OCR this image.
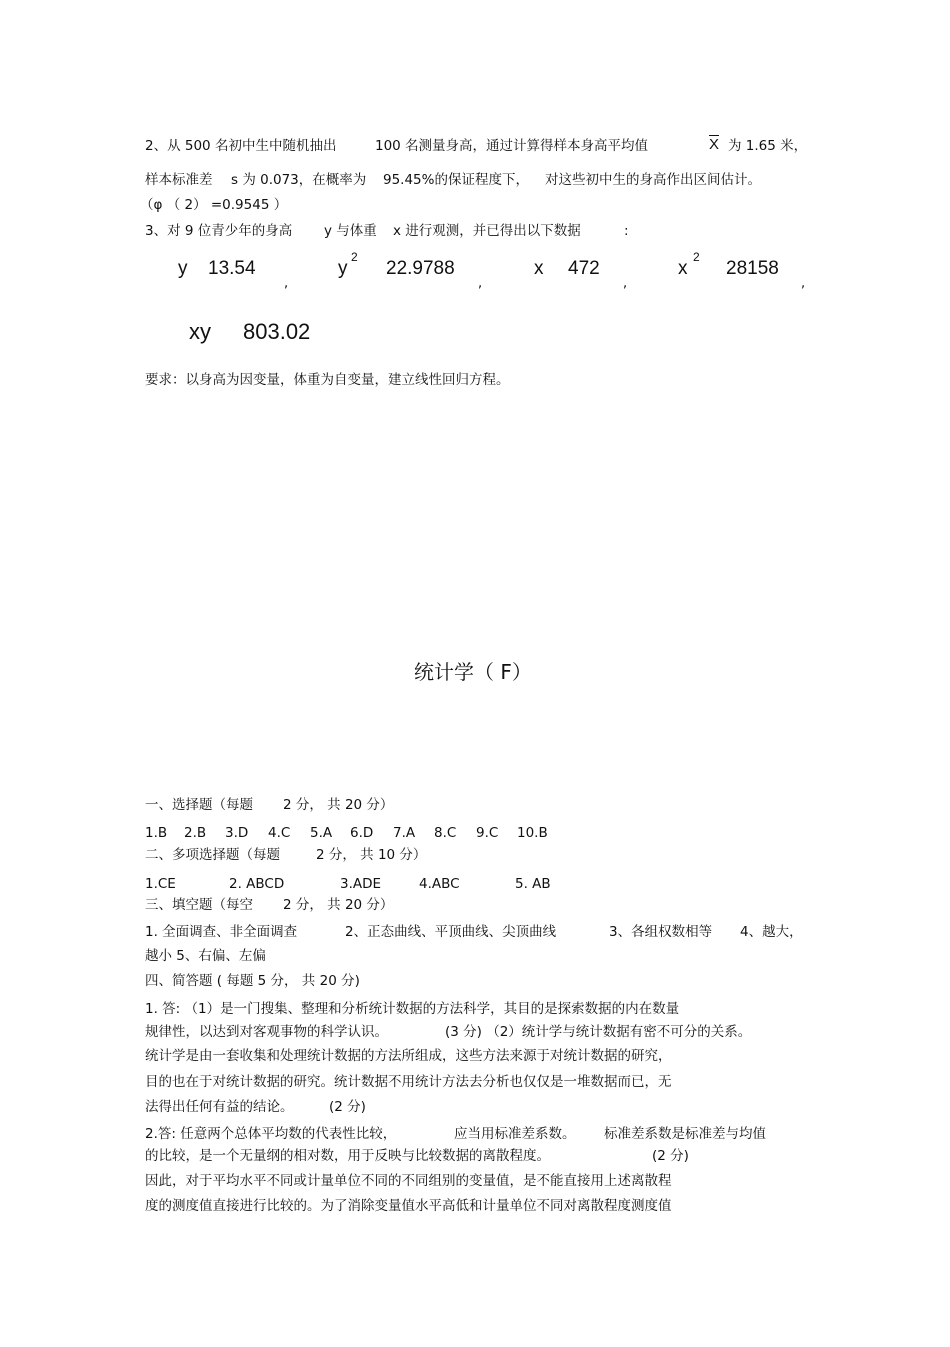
2、从 500 名初中生中随机抽出	100 名测量身高，通过计算得样本身高平均值	X 为 1.65 米，
样本标准差 s 为 0.073，在概率为 95.45%的保证程度下， 对这些初中生的身高作出区间估计。
（φ （ 2） =0.9545 ）
3、对 9 位青少年的身高 y 与体重 x 进行观测，并已得出以下数据	:
y 13.54
,
y
2
22.9788
,
x 472
,
x
2
28158
,
xy 803.02
要求：以身高为因变量，体重为自变量，建立线性回归方程。
统计学（ F）
一、选择题（每题 2 分， 共 20 分）
1.B 2.B 3.D 4.C 5.A 6.D 7.A 8.C 9.C 10.B
二、多项选择题（每题	2 分， 共 10 分）
1.CE	2. ABCD	3.ADE	4.ABC	5. AB
三、填空题（每空 2 分， 共 20 分）
1. 全面调查、非全面调查	2、正态曲线、平顶曲线、尖顶曲线	3、各组权数相等 4、越大，
越小 5、右偏、左偏
四、简答题 ( 每题 5 分， 共 20 分)
1. 答: （1）是一门搜集、整理和分析统计数据的方法科学，其目的是探索数据的内在数量
规律性，以达到对客观事物的科学认识。	(3 分) （2）统计学与统计数据有密不可分的关系。
统计学是由一套收集和处理统计数据的方法所组成，这些方法来源于对统计数据的研究，
目的也在于对统计数据的研究。统计数据不用统计方法去分析也仅仅是一堆数据而已，无
法得出任何有益的结论。	(2 分)
2.答: 任意两个总体平均数的代表性比较，	应当用标准差系数。 标准差系数是标准差与均值
的比较，是一个无量纲的相对数，用于反映与比较数据的离散程度。	(2 分)
因此，对于平均水平不同或计量单位不同的不同组别的变量值，是不能直接用上述离散程
度的测度值直接进行比较的。为了消除变量值水平高低和计量单位不同对离散程度测度值
